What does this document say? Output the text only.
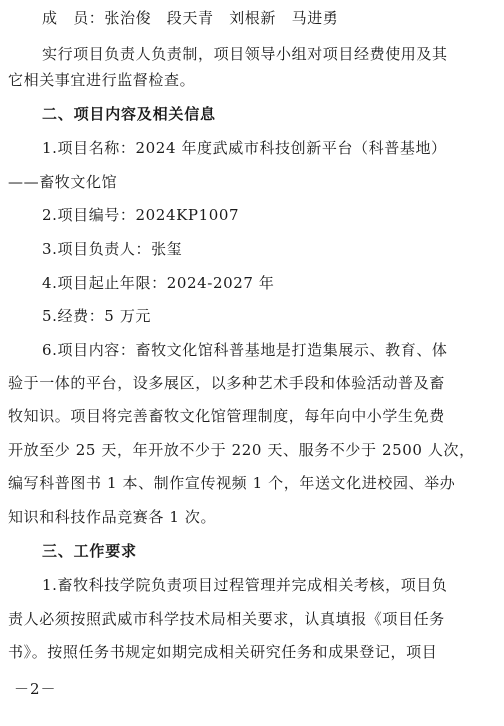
成　员：张治俊　段天青　刘根新　马进勇
实行项目负责人负责制，项目领导小组对项目经费使用及其
它相关事宜进行监督检查。
二、项目内容及相关信息
1.项目名称：2024 年度武威市科技创新平台（科普基地）
——畜牧文化馆
2.项目编号：2024KP1007
3.项目负责人：张玺
4.项目起止年限：2024-2027 年
5.经费：5 万元
6.项目内容：畜牧文化馆科普基地是打造集展示、教育、体
验于一体的平台，设多展区，以多种艺术手段和体验活动普及畜
牧知识。项目将完善畜牧文化馆管理制度，每年向中小学生免费
开放至少 25 天，年开放不少于 220 天、服务不少于 2500 人次，
编写科普图书 1 本、制作宣传视频 1 个，年送文化进校园、举办
知识和科技作品竞赛各 1 次。
三、工作要求
1.畜牧科技学院负责项目过程管理并完成相关考核，项目负
责人必须按照武威市科学技术局相关要求，认真填报《项目任务
书》。按照任务书规定如期完成相关研究任务和成果登记，项目
－2－
